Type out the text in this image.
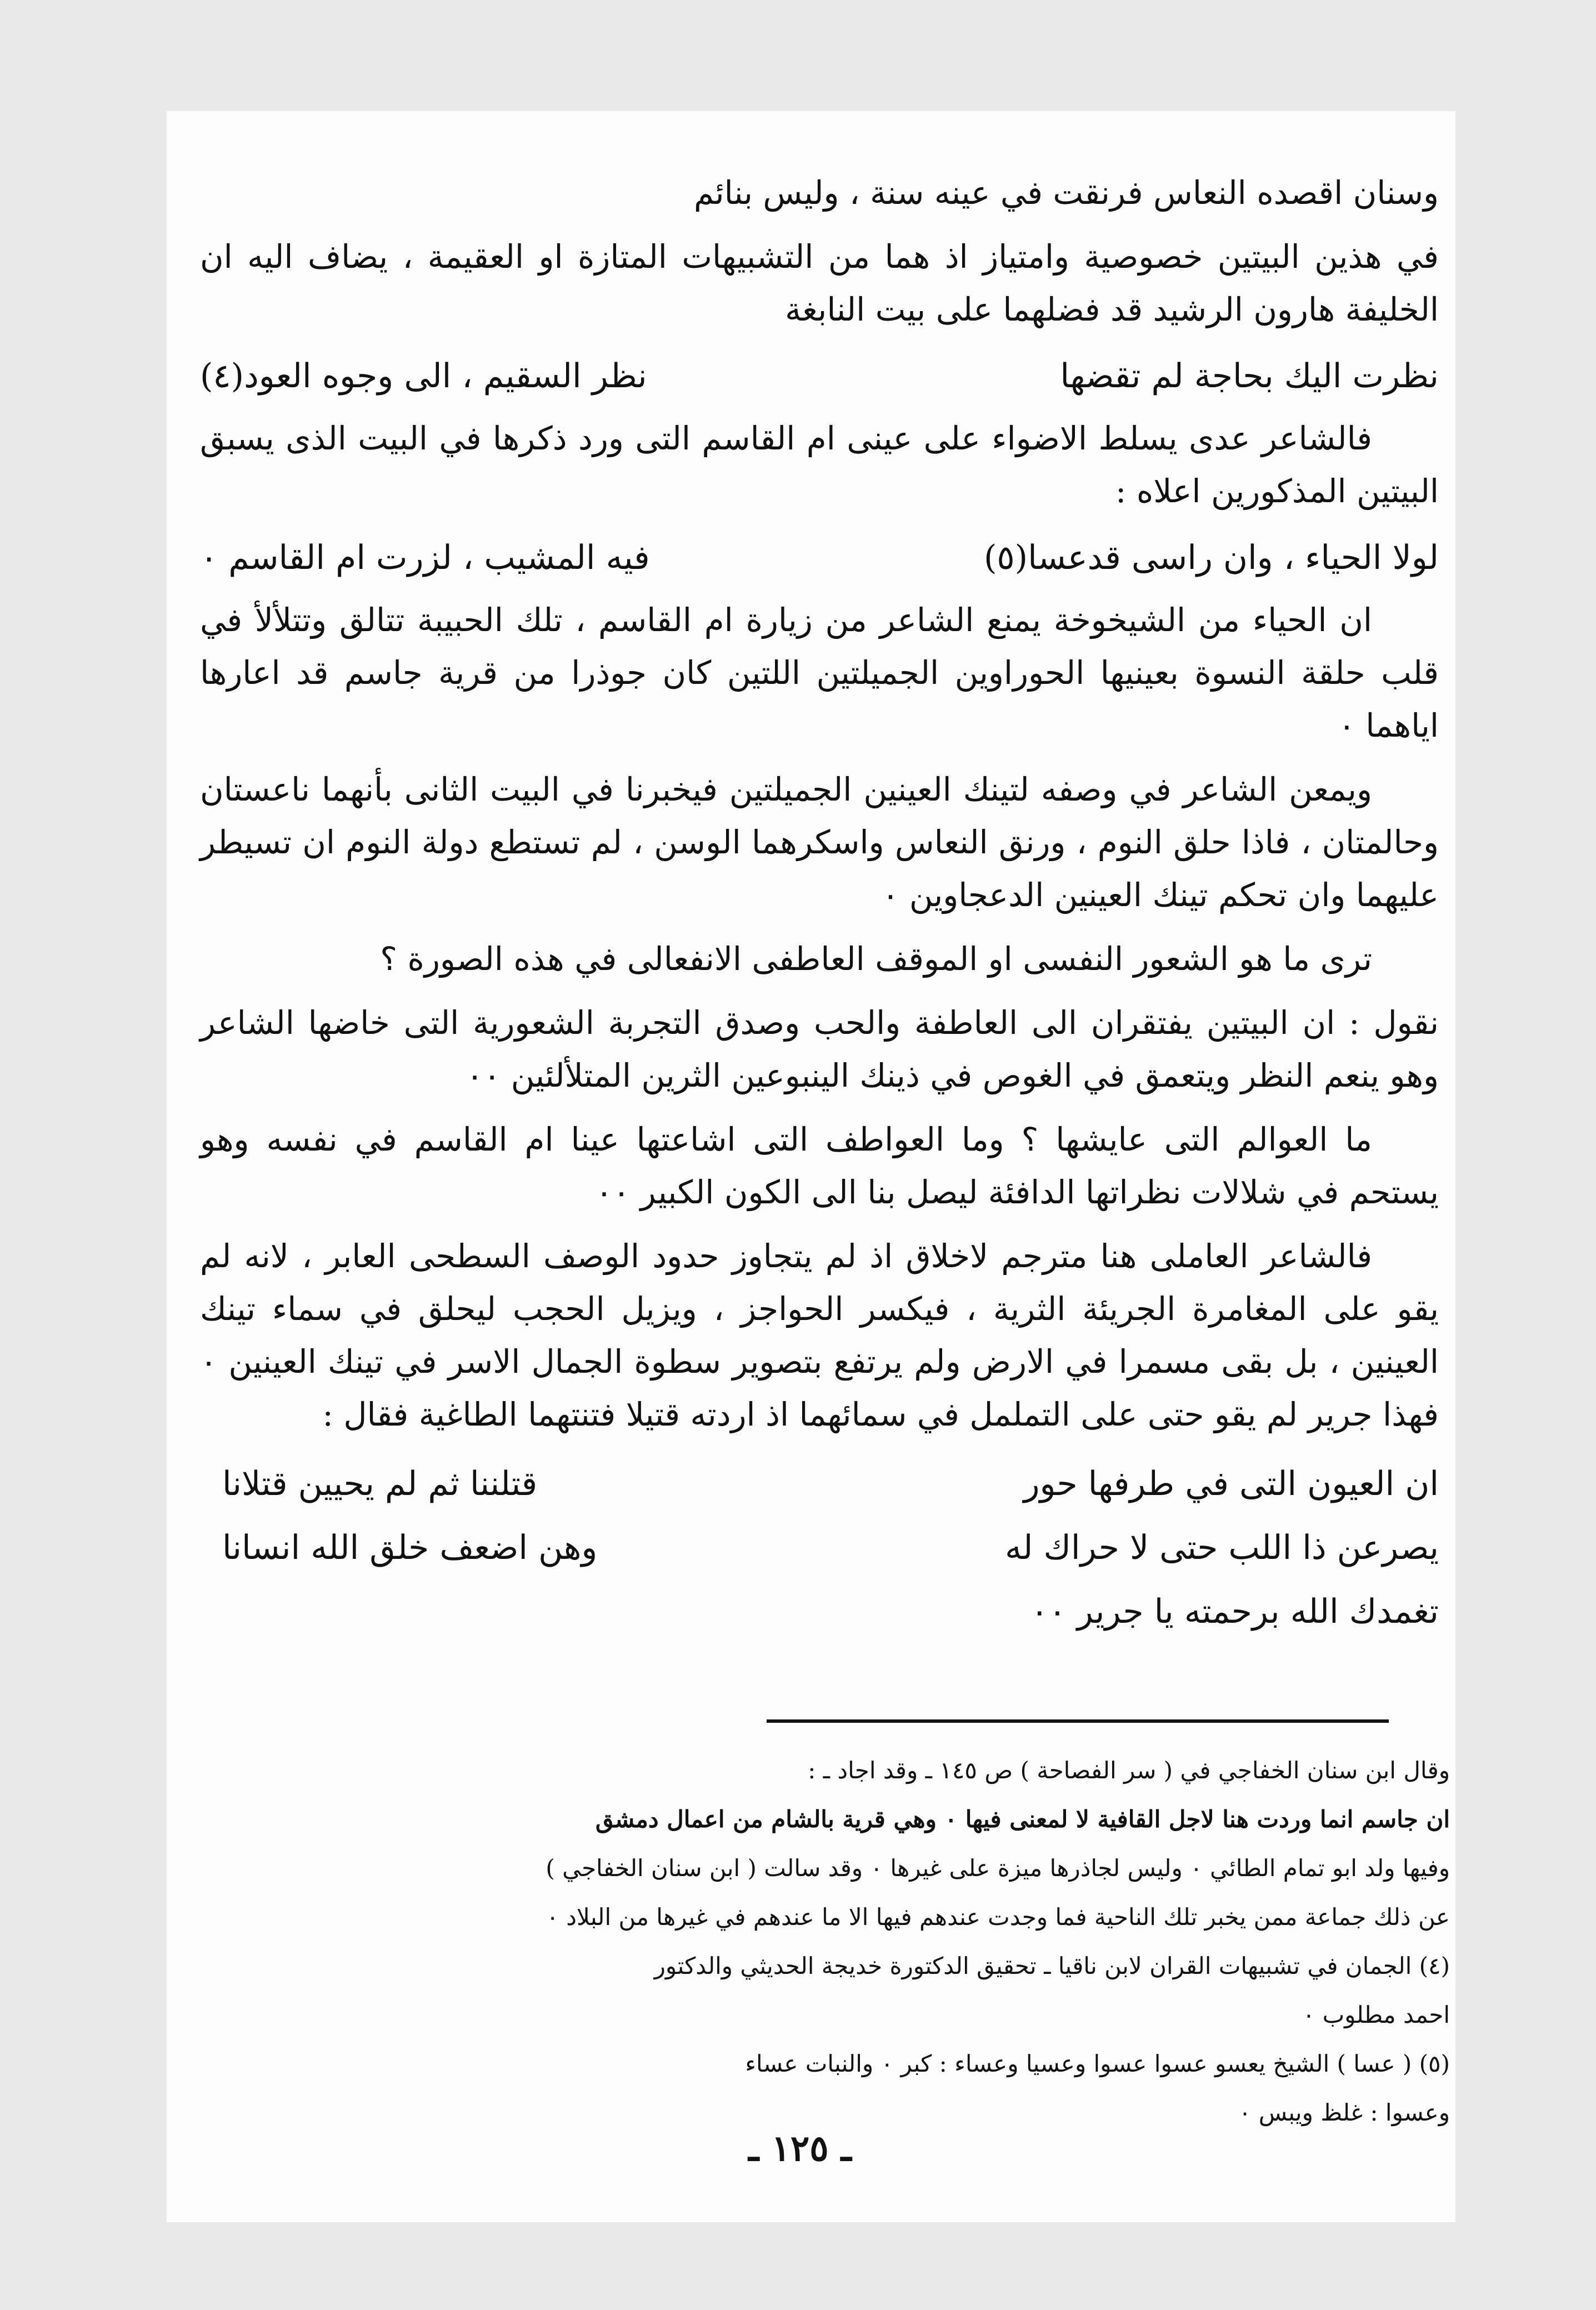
وسنان اقصده النعاس فرنقت في عينه سنة ، وليس بنائم

في هذين البيتين خصوصية وامتياز اذ هما من التشبيهات المتازة او العقيمة ، يضاف اليه ان الخليفة هارون الرشيد قد فضلهما على بيت النابغة

نظرت اليك بحاجة لم تقضها
نظر السقيم ، الى وجوه العود(٤)

فالشاعر عدى يسلط الاضواء على عينى ام القاسم التى ورد ذكرها في البيت الذى يسبق البيتين المذكورين اعلاه :

لولا الحياء ، وان راسى قدعسا(٥)
فيه المشيب ، لزرت ام القاسم ٠

ان الحياء من الشيخوخة يمنع الشاعر من زيارة ام القاسم ، تلك الحبيبة تتالق وتتلألأ في قلب حلقة النسوة بعينيها الحوراوين الجميلتين اللتين كان جوذرا من قرية جاسم قد اعارها اياهما ٠

ويمعن الشاعر في وصفه لتينك العينين الجميلتين فيخبرنا في البيت الثانى بأنهما ناعستان وحالمتان ، فاذا حلق النوم ، ورنق النعاس واسكرهما الوسن ، لم تستطع دولة النوم ان تسيطر عليهما وان تحكم تينك العينين الدعجاوين ٠

ترى ما هو الشعور النفسى او الموقف العاطفى الانفعالى في هذه الصورة ؟

نقول : ان البيتين يفتقران الى العاطفة والحب وصدق التجربة الشعورية التى خاضها الشاعر وهو ينعم النظر ويتعمق في الغوص في ذينك الينبوعين الثرين المتلألئين ٠٠

ما العوالم التى عايشها ؟ وما العواطف التى اشاعتها عينا ام القاسم في نفسه وهو يستحم في شلالات نظراتها الدافئة ليصل بنا الى الكون الكبير ٠٠

فالشاعر العاملى هنا مترجم لاخلاق اذ لم يتجاوز حدود الوصف السطحى العابر ، لانه لم يقو على المغامرة الجريئة الثرية ، فيكسر الحواجز ، ويزيل الحجب ليحلق في سماء تينك العينين ، بل بقى مسمرا في الارض ولم يرتفع بتصوير سطوة الجمال الاسر في تينك العينين ٠ فهذا جرير لم يقو حتى على التململ في سمائهما اذ اردته قتيلا فتنتهما الطاغية فقال :

ان العيون التى في طرفها حور
قتلننا ثم لم يحيين قتلانا
يصرعن ذا اللب حتى لا حراك له
وهن اضعف خلق الله انسانا
تغمدك الله برحمته يا جرير ٠٠

وقال ابن سنان الخفاجي في ( سر الفصاحة ) ص ١٤٥ ـ وقد اجاد ـ :

ان جاسم انما وردت هنا لاجل القافية لا لمعنى فيها ٠ وهي قرية بالشام من اعمال دمشق

وفيها ولد ابو تمام الطائي ٠ وليس لجاذرها ميزة على غيرها ٠ وقد سالت ( ابن سنان الخفاجي )

عن ذلك جماعة ممن يخبر تلك الناحية فما وجدت عندهم فيها الا ما عندهم في غيرها من البلاد ٠

(٤) الجمان في تشبيهات القران لابن ناقيا ـ تحقيق الدكتورة خديجة الحديثي والدكتور

احمد مطلوب ٠

(٥) ( عسا ) الشيخ يعسو عسوا عسوا وعسيا وعساء : كبر ٠ والنبات عساء

وعسوا : غلظ ويبس ٠

ـ ١٢٥ ـ
